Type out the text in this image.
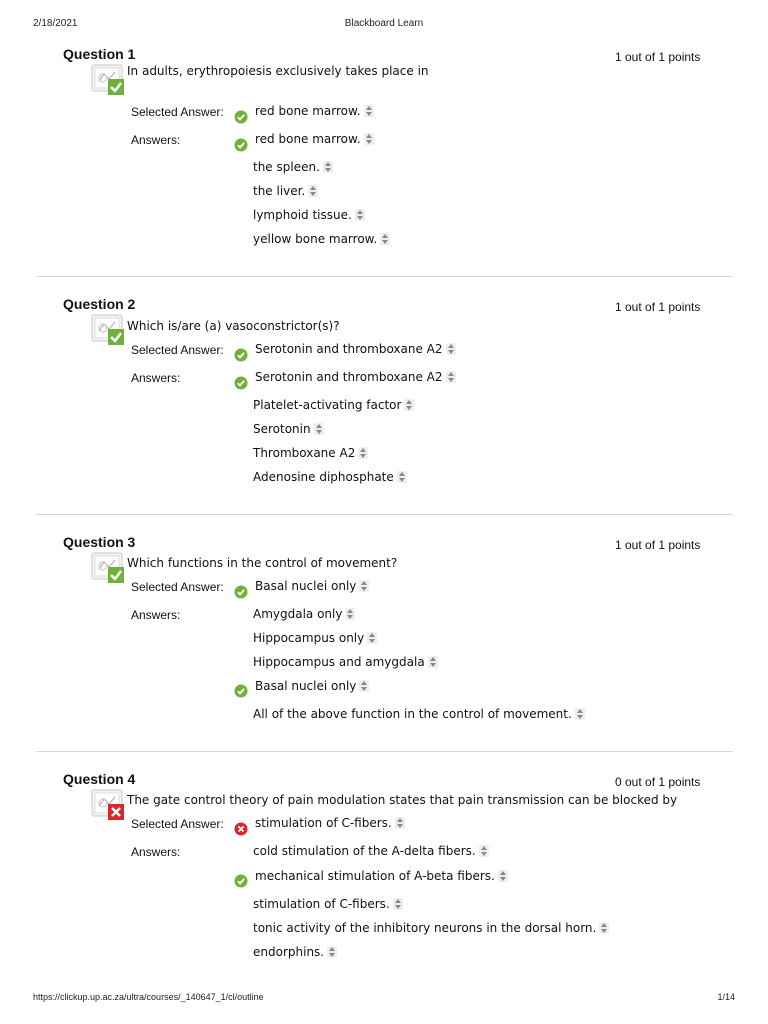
2/18/2021	Blackboard Learn
Question 1	1 out of 1 points
In adults, erythropoiesis exclusively takes place in
Selected Answer:	red bone marrow.
Answers:	red bone marrow.
the spleen.
the liver.
lymphoid tissue.
yellow bone marrow.
Question 2	1 out of 1 points
Which is/are (a) vasoconstrictor(s)?
Selected Answer:	Serotonin and thromboxane A2
Answers:	Serotonin and thromboxane A2
Platelet-activating factor
Serotonin
Thromboxane A2
Adenosine diphosphate
Question 3	1 out of 1 points
Which functions in the control of movement?
Selected Answer:	Basal nuclei only
Answers:	Amygdala only
Hippocampus only
Hippocampus and amygdala
Basal nuclei only
All of the above function in the control of movement.
Question 4	0 out of 1 points
The gate control theory of pain modulation states that pain transmission can be blocked by
Selected Answer:	stimulation of C-fibers.
Answers:	cold stimulation of the A-delta fibers.
mechanical stimulation of A-beta fibers.
stimulation of C-fibers.
tonic activity of the inhibitory neurons in the dorsal horn.
endorphins.
https://clickup.up.ac.za/ultra/courses/_140647_1/cl/outline	1/14
